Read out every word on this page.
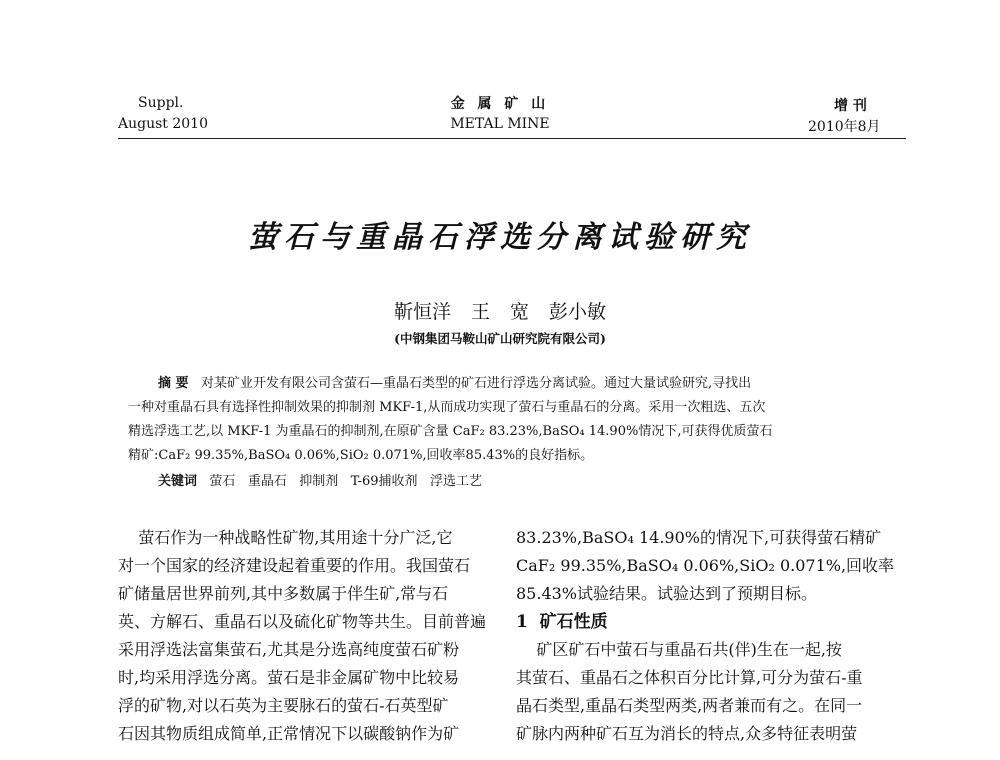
Suppl.
August 2010
金 属 矿 山
METAL MINE
增 刊
2010年8月
萤石与重晶石浮选分离试验研究
靳恒洋 王 宽 彭小敏
(中钢集团马鞍山矿山研究院有限公司)
摘 要 对某矿业开发有限公司含萤石—重晶石类型的矿石进行浮选分离试验。通过大量试验研究,寻找出
一种对重晶石具有选择性抑制效果的抑制剂 MKF-1,从而成功实现了萤石与重晶石的分离。采用一次粗选、五次
精选浮选工艺,以 MKF-1 为重晶石的抑制剂,在原矿含量 CaF₂ 83.23%,BaSO₄ 14.90%情况下,可获得优质萤石
精矿:CaF₂ 99.35%,BaSO₄ 0.06%,SiO₂ 0.071%,回收率85.43%的良好指标。
关键词 萤石   重晶石   抑制剂   T-69捕收剂   浮选工艺
萤石作为一种战略性矿物,其用途十分广泛,它
对一个国家的经济建设起着重要的作用。我国萤石
矿储量居世界前列,其中多数属于伴生矿,常与石
英、方解石、重晶石以及硫化矿物等共生。目前普遍
采用浮选法富集萤石,尤其是分选高纯度萤石矿粉
时,均采用浮选分离。萤石是非金属矿物中比较易
浮的矿物,对以石英为主要脉石的萤石-石英型矿
石因其物质组成简单,正常情况下以碳酸钠作为矿
83.23%,BaSO₄ 14.90%的情况下,可获得萤石精矿
CaF₂ 99.35%,BaSO₄ 0.06%,SiO₂ 0.071%,回收率
85.43%试验结果。试验达到了预期目标。
1  矿石性质
矿区矿石中萤石与重晶石共(伴)生在一起,按
其萤石、重晶石之体积百分比计算,可分为萤石-重
晶石类型,重晶石类型两类,两者兼而有之。在同一
矿脉内两种矿石互为消长的特点,众多特征表明萤
